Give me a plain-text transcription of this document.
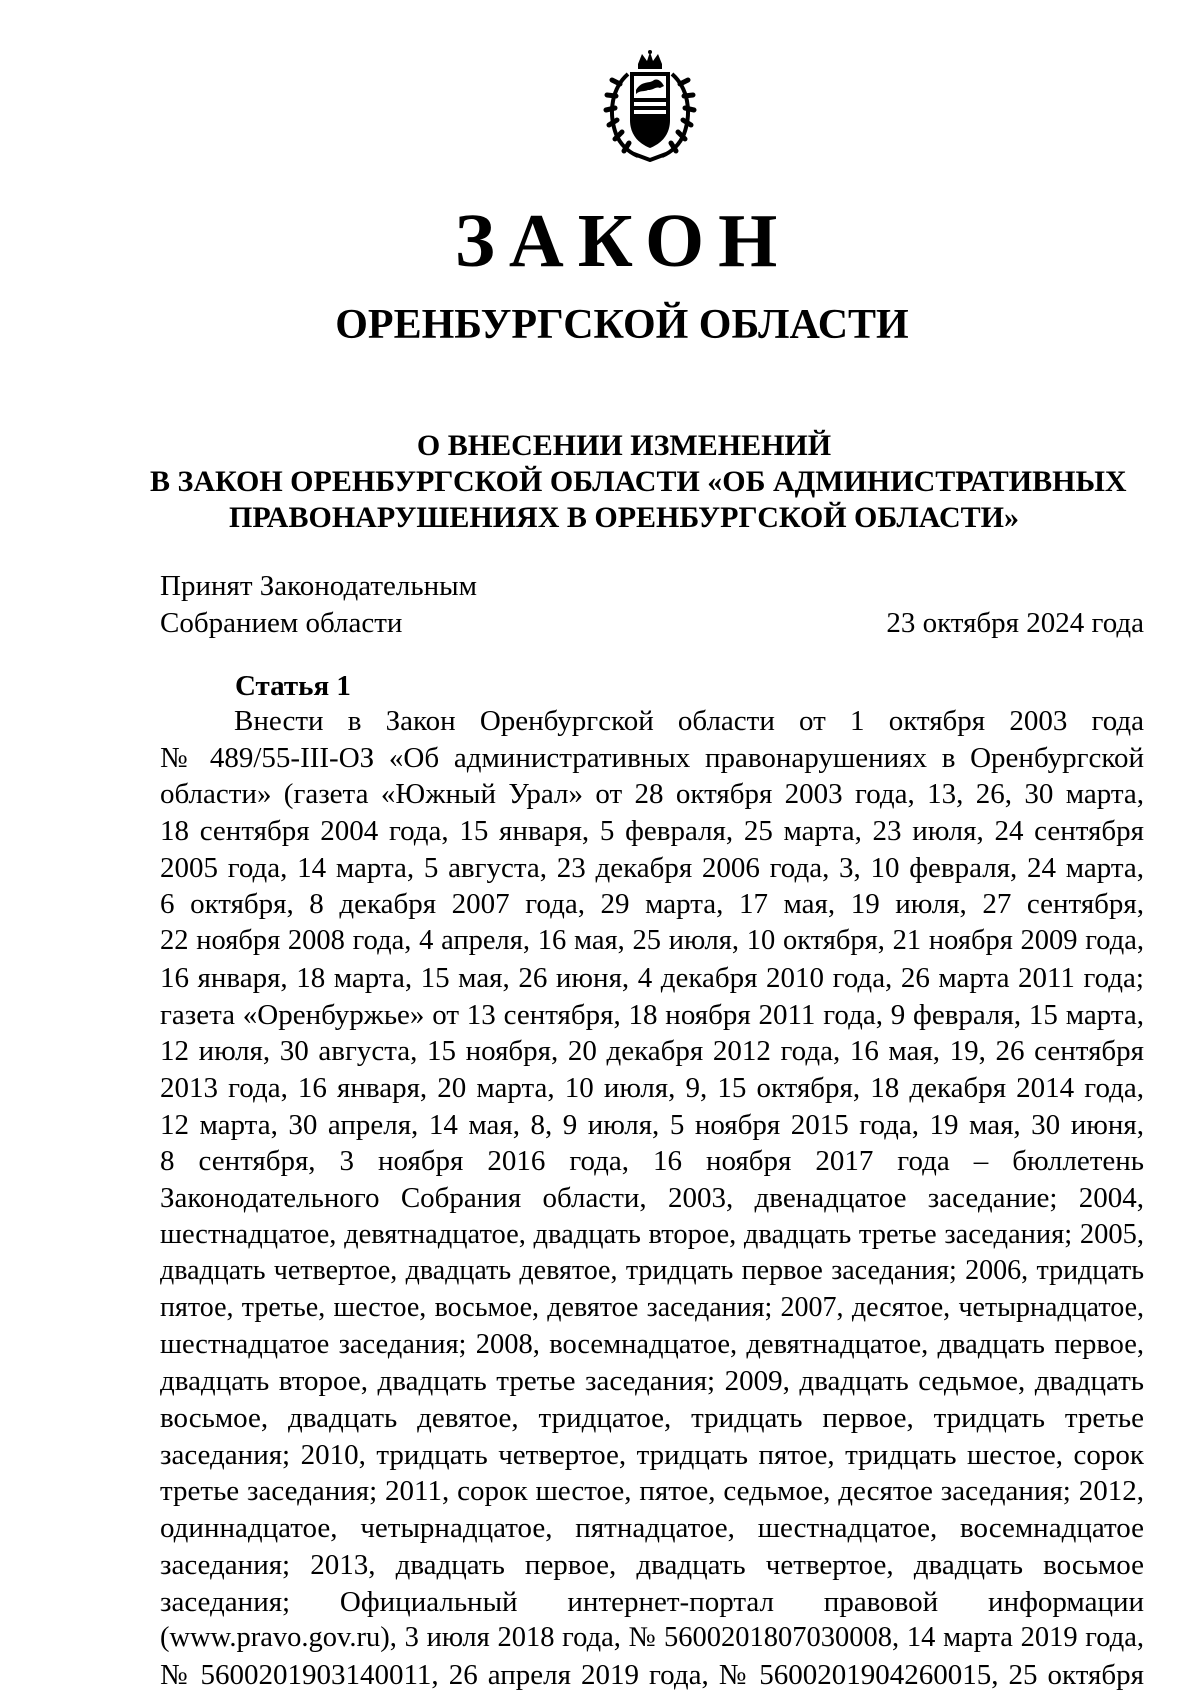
ЗАКОН
ОРЕНБУРГСКОЙ ОБЛАСТИ
О ВНЕСЕНИИ ИЗМЕНЕНИЙ
В ЗАКОН ОРЕНБУРГСКОЙ ОБЛАСТИ «ОБ АДМИНИСТРАТИВНЫХ
ПРАВОНАРУШЕНИЯХ В ОРЕНБУРГСКОЙ ОБЛАСТИ»
Принят Законодательным
Собранием области	23 октября 2024 года
Статья 1
Внести в Закон Оренбургской области от 1 октября 2003 года
№ 489/55-III-ОЗ «Об административных правонарушениях в Оренбургской
области» (газета «Южный Урал» от 28 октября 2003 года, 13, 26, 30 марта,
18 сентября 2004 года, 15 января, 5 февраля, 25 марта, 23 июля, 24 сентября
2005 года, 14 марта, 5 августа, 23 декабря 2006 года, 3, 10 февраля, 24 марта,
6 октября, 8 декабря 2007 года, 29 марта, 17 мая, 19 июля, 27 сентября,
22 ноября 2008 года, 4 апреля, 16 мая, 25 июля, 10 октября, 21 ноября 2009 года,
16 января, 18 марта, 15 мая, 26 июня, 4 декабря 2010 года, 26 марта 2011 года;
газета «Оренбуржье» от 13 сентября, 18 ноября 2011 года, 9 февраля, 15 марта,
12 июля, 30 августа, 15 ноября, 20 декабря 2012 года, 16 мая, 19, 26 сентября
2013 года, 16 января, 20 марта, 10 июля, 9, 15 октября, 18 декабря 2014 года,
12 марта, 30 апреля, 14 мая, 8, 9 июля, 5 ноября 2015 года, 19 мая, 30 июня,
8 сентября, 3 ноября 2016 года, 16 ноября 2017 года – бюллетень
Законодательного Собрания области, 2003, двенадцатое заседание; 2004,
шестнадцатое, девятнадцатое, двадцать второе, двадцать третье заседания; 2005,
двадцать четвертое, двадцать девятое, тридцать первое заседания; 2006, тридцать
пятое, третье, шестое, восьмое, девятое заседания; 2007, десятое, четырнадцатое,
шестнадцатое заседания; 2008, восемнадцатое, девятнадцатое, двадцать первое,
двадцать второе, двадцать третье заседания; 2009, двадцать седьмое, двадцать
восьмое, двадцать девятое, тридцатое, тридцать первое, тридцать третье
заседания; 2010, тридцать четвертое, тридцать пятое, тридцать шестое, сорок
третье заседания; 2011, сорок шестое, пятое, седьмое, десятое заседания; 2012,
одиннадцатое, четырнадцатое, пятнадцатое, шестнадцатое, восемнадцатое
заседания; 2013, двадцать первое, двадцать четвертое, двадцать восьмое
заседания; Официальный интернет-портал правовой информации
(www.pravo.gov.ru), 3 июля 2018 года, № 5600201807030008, 14 марта 2019 года,
№ 5600201903140011, 26 апреля 2019 года, № 5600201904260015, 25 октября
